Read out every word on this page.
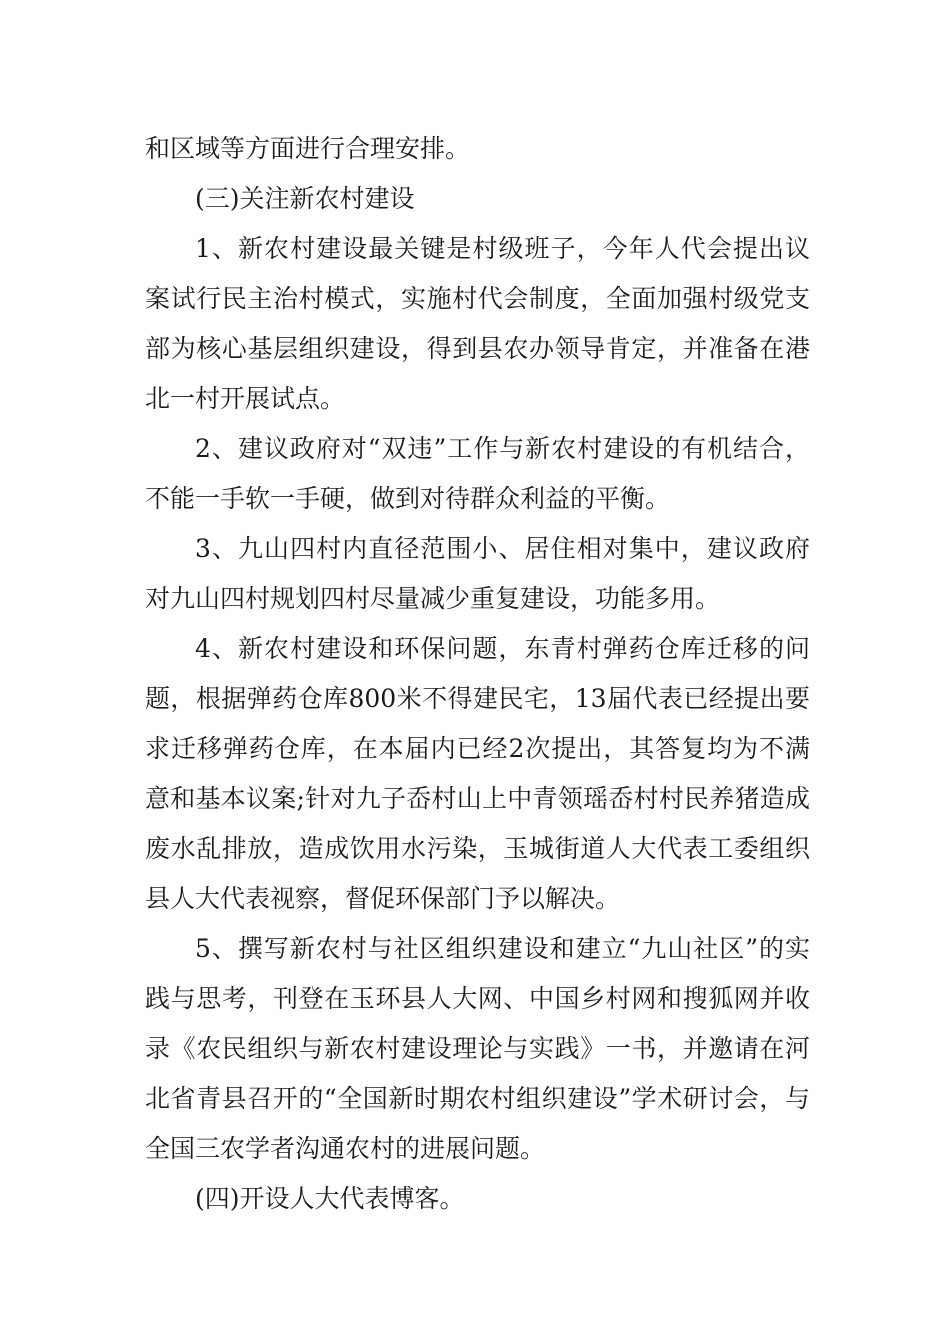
和区域等方面进行合理安排。

(三)关注新农村建设

1、新农村建设最关键是村级班子，今年人代会提出议案试行民主治村模式，实施村代会制度，全面加强村级党支部为核心基层组织建设，得到县农办领导肯定，并准备在港北一村开展试点。

2、建议政府对“双违”工作与新农村建设的有机结合，不能一手软一手硬，做到对待群众利益的平衡。

3、九山四村内直径范围小、居住相对集中，建议政府对九山四村规划四村尽量减少重复建设，功能多用。

4、新农村建设和环保问题，东青村弹药仓库迁移的问题，根据弹药仓库800米不得建民宅，13届代表已经提出要求迁移弹药仓库，在本届内已经2次提出，其答复均为不满意和基本议案;针对九子岙村山上中青领瑶岙村村民养猪造成废水乱排放，造成饮用水污染，玉城街道人大代表工委组织县人大代表视察，督促环保部门予以解决。

5、撰写新农村与社区组织建设和建立“九山社区”的实践与思考，刊登在玉环县人大网、中国乡村网和搜狐网并收录《农民组织与新农村建设理论与实践》一书，并邀请在河北省青县召开的“全国新时期农村组织建设”学术研讨会，与全国三农学者沟通农村的进展问题。

(四)开设人大代表博客。
